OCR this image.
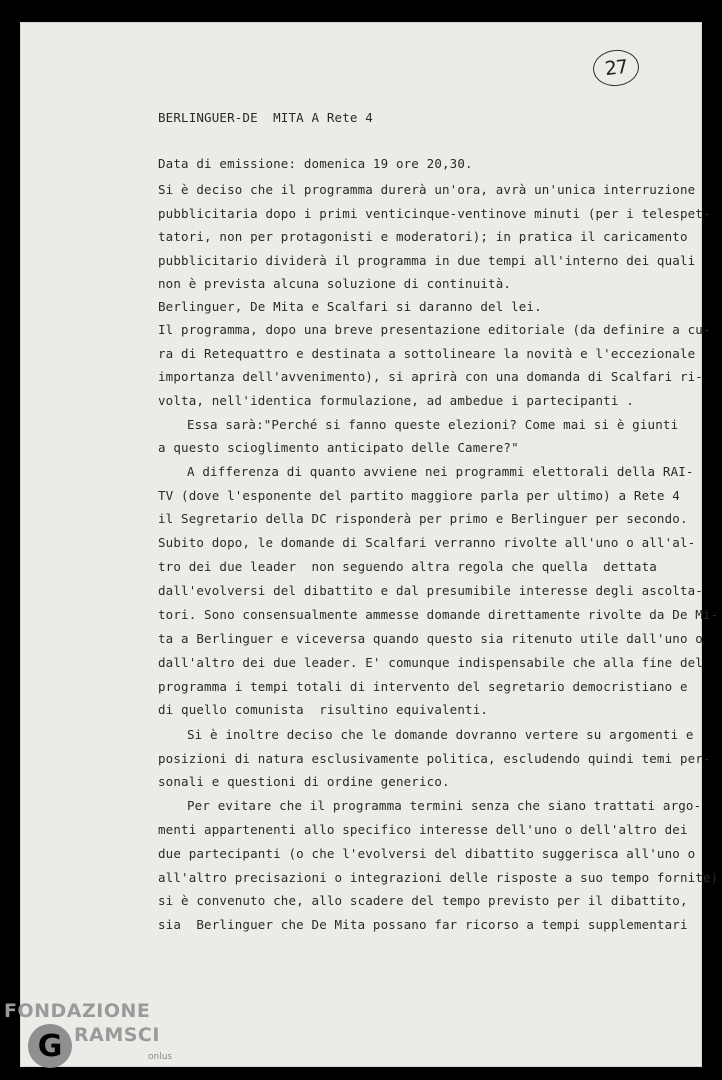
27
BERLINGUER-DE  MITA A Rete 4
Data di emissione: domenica 19 ore 20,30.
Si è deciso che il programma durerà un'ora, avrà un'unica interruzione
pubblicitaria dopo i primi venticinque-ventinove minuti (per i telespet-
tatori, non per protagonisti e moderatori); in pratica il caricamento
pubblicitario dividerà il programma in due tempi all'interno dei quali
non è prevista alcuna soluzione di continuità.
Berlinguer, De Mita e Scalfari si daranno del lei.
Il programma, dopo una breve presentazione editoriale (da definire a cu-
ra di Retequattro e destinata a sottolineare la novità e l'eccezionale
importanza dell'avvenimento), si aprirà con una domanda di Scalfari ri-
volta, nell'identica formulazione, ad ambedue i partecipanti .
Essa sarà:"Perché si fanno queste elezioni? Come mai si è giunti
a questo scioglimento anticipato delle Camere?"
A differenza di quanto avviene nei programmi elettorali della RAI-
TV (dove l'esponente del partito maggiore parla per ultimo) a Rete 4
il Segretario della DC risponderà per primo e Berlinguer per secondo.
Subito dopo, le domande di Scalfari verranno rivolte all'uno o all'al-
tro dei due leader  non seguendo altra regola che quella  dettata
dall'evolversi del dibattito e dal presumibile interesse degli ascolta-
tori. Sono consensualmente ammesse domande direttamente rivolte da De Mi-
ta a Berlinguer e viceversa quando questo sia ritenuto utile dall'uno o
dall'altro dei due leader. E' comunque indispensabile che alla fine del
programma i tempi totali di intervento del segretario democristiano e
di quello comunista  risultino equivalenti.
Si è inoltre deciso che le domande dovranno vertere su argomenti e
posizioni di natura esclusivamente politica, escludendo quindi temi per-
sonali e questioni di ordine generico.
Per evitare che il programma termini senza che siano trattati argo-
menti appartenenti allo specifico interesse dell'uno o dell'altro dei
due partecipanti (o che l'evolversi del dibattito suggerisca all'uno o
all'altro precisazioni o integrazioni delle risposte a suo tempo fornite)
si è convenuto che, allo scadere del tempo previsto per il dibattito,
sia  Berlinguer che De Mita possano far ricorso a tempi supplementari
FONDAZIONE
G RAMSCI
onlus
